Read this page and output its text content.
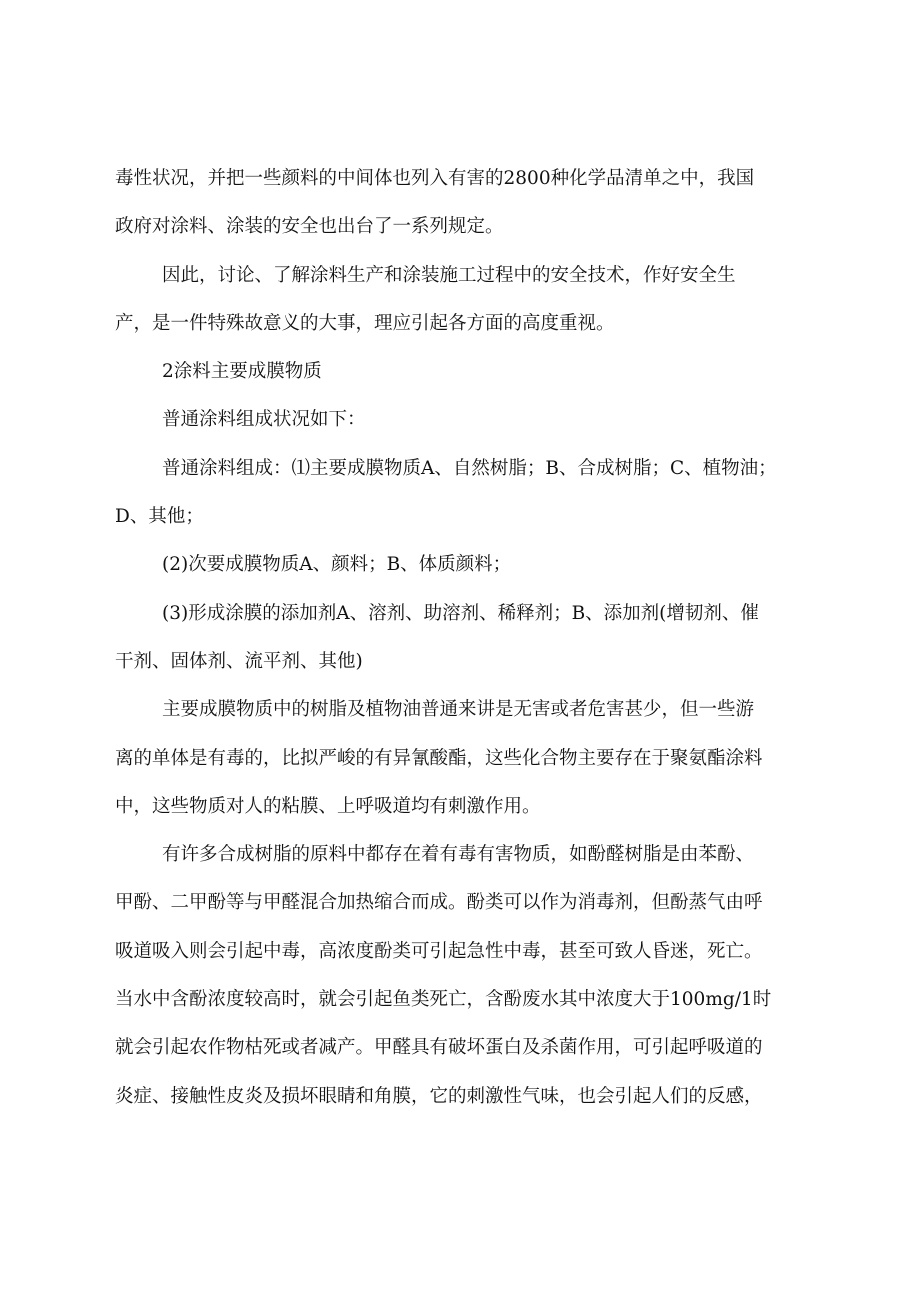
毒性状况，并把一些颜料的中间体也列入有害的2800种化学品清单之中，我国
政府对涂料、涂装的安全也出台了一系列规定。
因此，讨论、了解涂料生产和涂装施工过程中的安全技术，作好安全生
产，是一件特殊故意义的大事，理应引起各方面的高度重视。
2涂料主要成膜物质
普通涂料组成状况如下：
普通涂料组成：⑴主要成膜物质A、自然树脂；B、合成树脂；C、植物油；
D、其他；
(2)次要成膜物质A、颜料；B、体质颜料；
(3)形成涂膜的添加剂A、溶剂、助溶剂、稀释剂；B、添加剂(增韧剂、催
干剂、固体剂、流平剂、其他)
主要成膜物质中的树脂及植物油普通来讲是无害或者危害甚少，但一些游
离的单体是有毒的，比拟严峻的有异氰酸酯，这些化合物主要存在于聚氨酯涂料
中，这些物质对人的粘膜、上呼吸道均有刺激作用。
有许多合成树脂的原料中都存在着有毒有害物质，如酚醛树脂是由苯酚、
甲酚、二甲酚等与甲醛混合加热缩合而成。酚类可以作为消毒剂，但酚蒸气由呼
吸道吸入则会引起中毒，高浓度酚类可引起急性中毒，甚至可致人昏迷，死亡。
当水中含酚浓度较高时，就会引起鱼类死亡，含酚废水其中浓度大于100mg/1时
就会引起农作物枯死或者减产。甲醛具有破坏蛋白及杀菌作用，可引起呼吸道的
炎症、接触性皮炎及损坏眼睛和角膜，它的刺激性气味，也会引起人们的反感，
